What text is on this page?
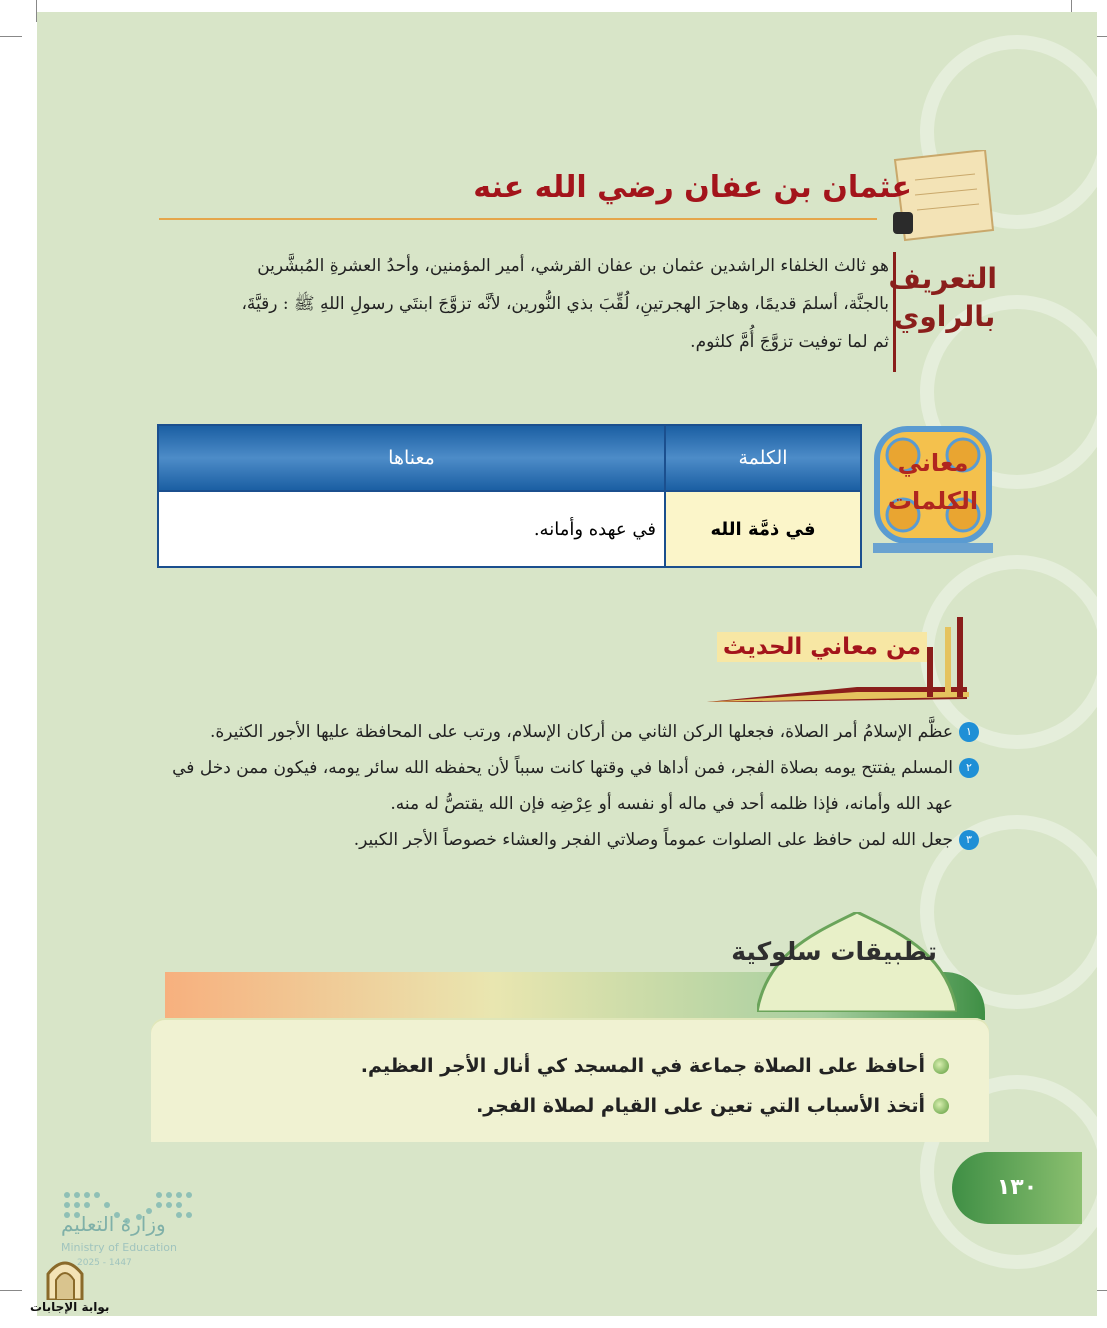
عثمان بن عفان رضي الله عنه
التعريف
بالراوي
هو ثالث الخلفاء الراشدين عثمان بن عفان القرشي، أمير المؤمنين، وأحدُ العشرةِ المُبشَّرين
بالجنَّة، أسلمَ قديمًا، وهاجرَ الهجرتينِ، لُقِّبَ بذي النُّورين، لأنَّه تزوَّجَ ابنتَي رسولِ اللهِ ﷺ : رقيَّةَ،
ثم لما توفيت تزوَّجَ أُمَّ كلثوم.
معاني
الكلمات
الكلمة	معناها
في ذمَّة الله	في عهده وأمانه.
من معاني الحديث

١
عظَّم الإسلامُ أمر الصلاة، فجعلها الركن الثاني من أركان الإسلام، ورتب على المحافظة عليها الأجور الكثيرة.

٢
المسلم يفتتح يومه بصلاة الفجر، فمن أداها في وقتها كانت سبباً لأن يحفظه الله سائر يومه، فيكون ممن دخل في عهد الله وأمانه، فإذا ظلمه أحد في ماله أو نفسه أو عِرْضِه فإن الله يقتصُّ له منه.

٣
جعل الله لمن حافظ على الصلوات عموماً وصلاتي الفجر والعشاء خصوصاً الأجر الكبير.

تطبيقات سلوكية
أحافظ على الصلاة جماعة في المسجد كي أنال الأجر العظيم.
أتخذ الأسباب التي تعين على القيام لصلاة الفجر.
١٣٠
وزارة التعليم
Ministry of Education
2025 - 1447
بوابة الإجابات
